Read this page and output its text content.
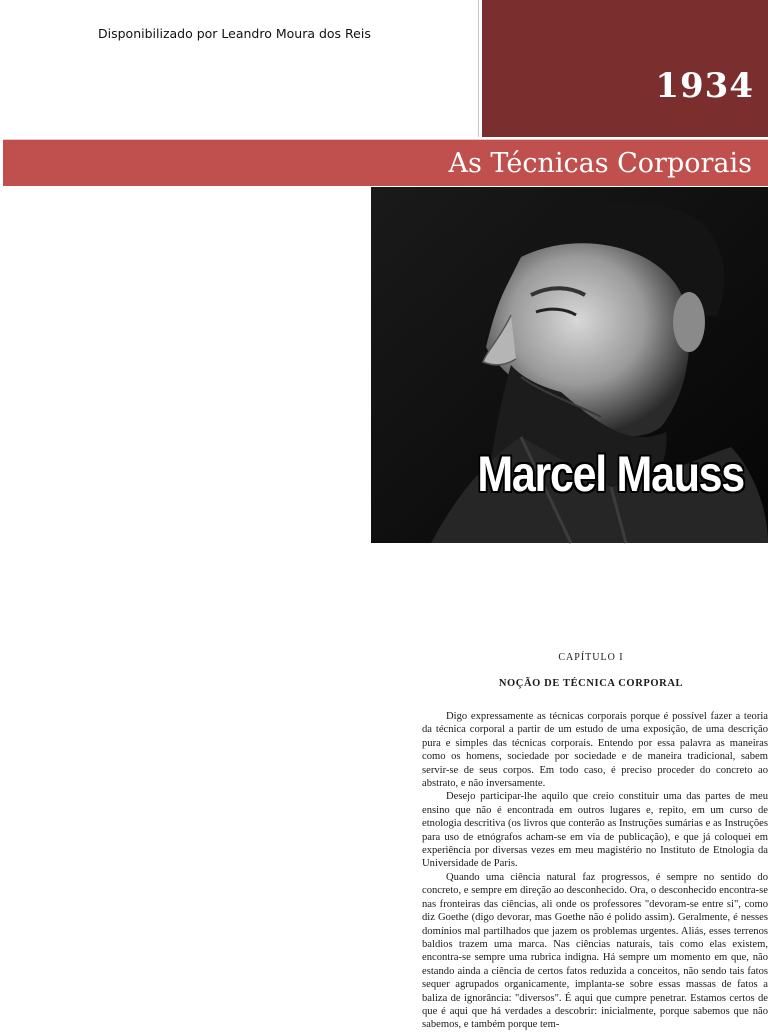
Disponibilizado por Leandro Moura dos Reis
1934
As Técnicas Corporais
Marcel Mauss
CAPÍTULO I
NOÇÃO DE TÉCNICA CORPORAL

Digo expressamente as técnicas corporais porque é possível fazer a teoria da técnica corporal a partir de um estudo de uma exposição, de uma descrição pura e simples das técnicas corporais. Entendo por essa palavra as maneiras como os homens, sociedade por sociedade e de maneira tradicional, sabem servir-se de seus corpos. Em todo caso, é preciso proceder do concreto ao abstrato, e não inversamente.

Desejo participar-lhe aquilo que creio constituir uma das partes de meu ensino que não é encontrada em outros lugares e, repito, em um curso de etnologia descritiva (os livros que conterão as Instruções sumárias e as Instruções para uso de etnógrafos acham-se em via de publicação), e que já coloquei em experiência por diversas vezes em meu magistério no Instituto de Etnologia da Universidade de Paris.

Quando uma ciência natural faz progressos, é sempre no sentido do concreto, e sempre em direção ao desconhecido. Ora, o desconhecido encontra-se nas fronteiras das ciências, ali onde os professores "devoram-se entre si", como diz Goethe (digo devorar, mas Goethe não é polido assim). Geralmente, é nesses domínios mal partilhados que jazem os problemas urgentes. Aliás, esses terrenos baldios trazem uma marca. Nas ciências naturais, tais como elas existem, encontra-se sempre uma rubrica indigna. Há sempre um momento em que, não estando ainda a ciência de certos fatos reduzida a conceitos, não sendo tais fatos sequer agrupados organicamente, implanta-se sobre essas massas de fatos a baliza de ignorância: "diversos". É aqui que cumpre penetrar. Estamos certos de que é aqui que há verdades a descobrir: inicialmente, porque sabemos que não sabemos, e também porque tem-
